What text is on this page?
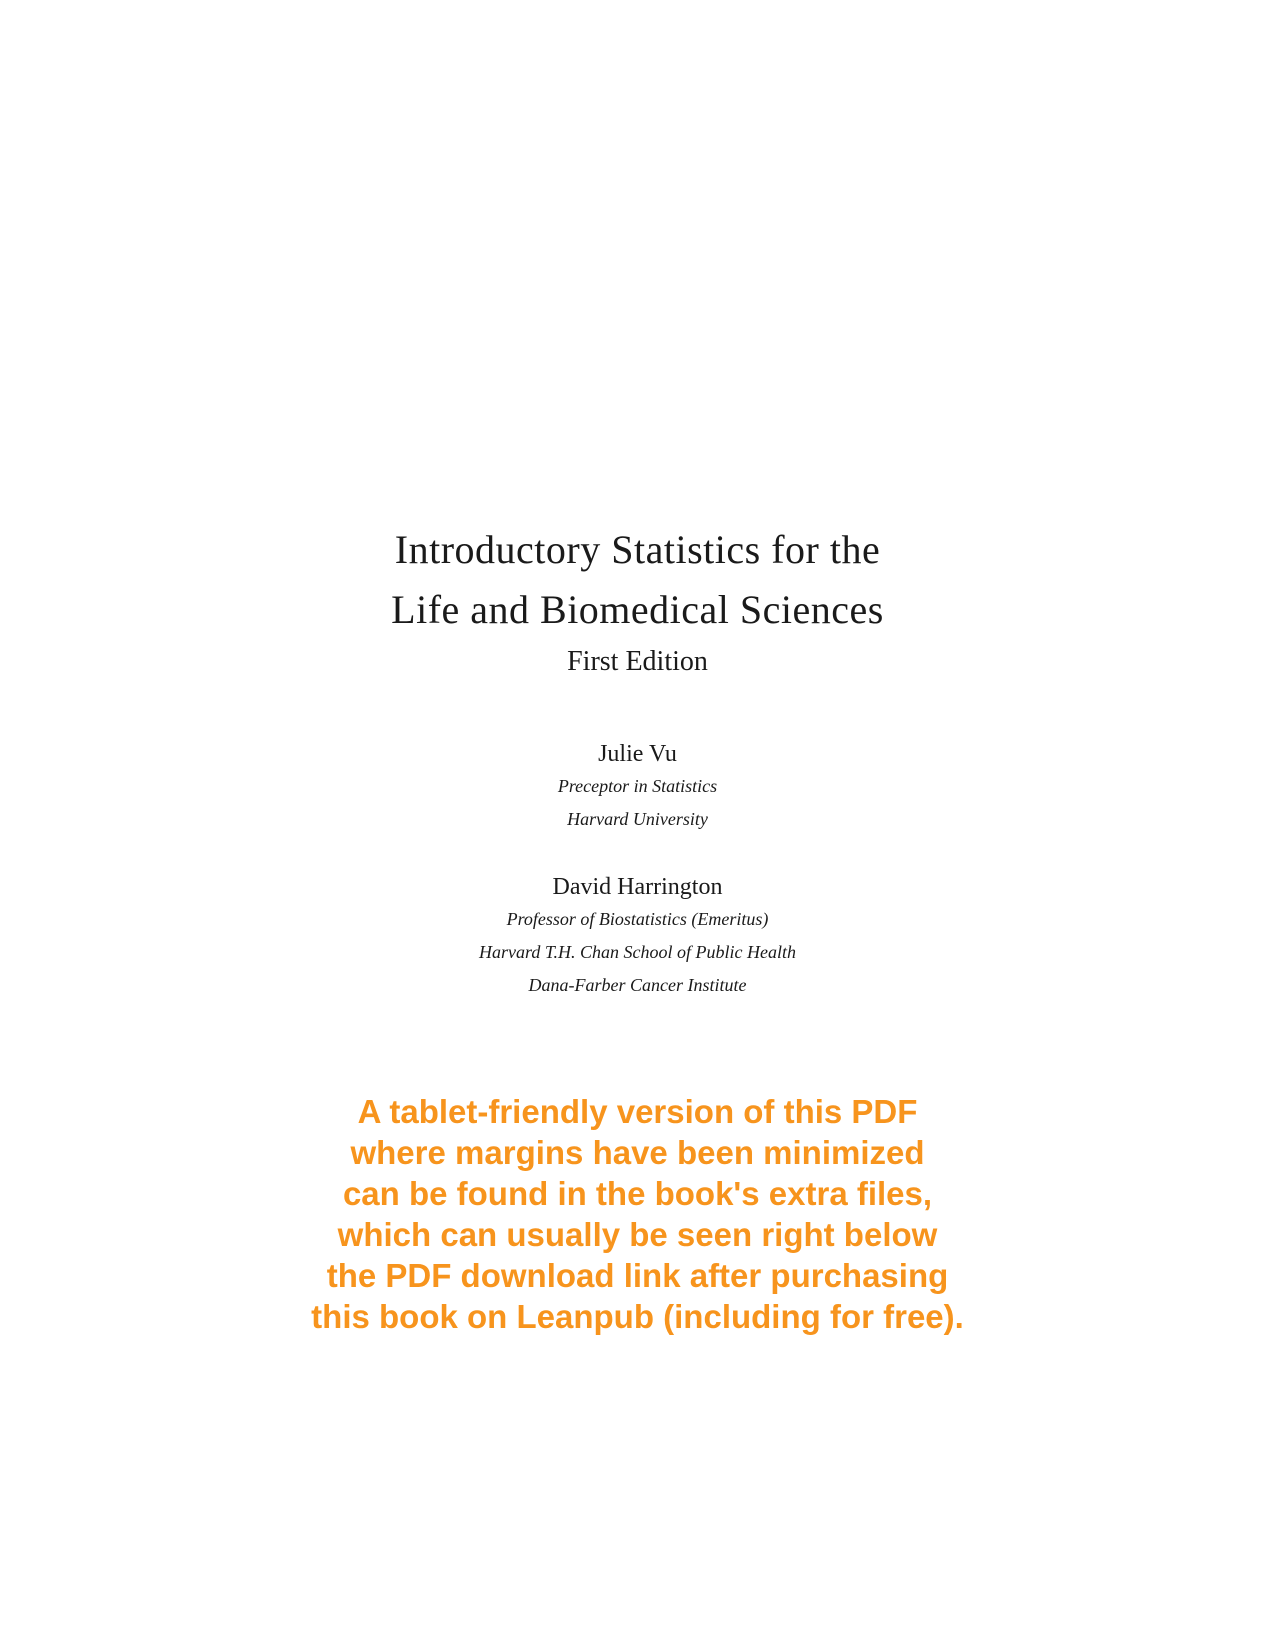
Introductory Statistics for the
Life and Biomedical Sciences

First Edition

Julie Vu

Preceptor in Statistics

Harvard University

David Harrington

Professor of Biostatistics (Emeritus)

Harvard T.H. Chan School of Public Health

Dana-Farber Cancer Institute

A tablet-friendly version of this PDF
where margins have been minimized
can be found in the book's extra files,
which can usually be seen right below
the PDF download link after purchasing
this book on Leanpub (including for free).
